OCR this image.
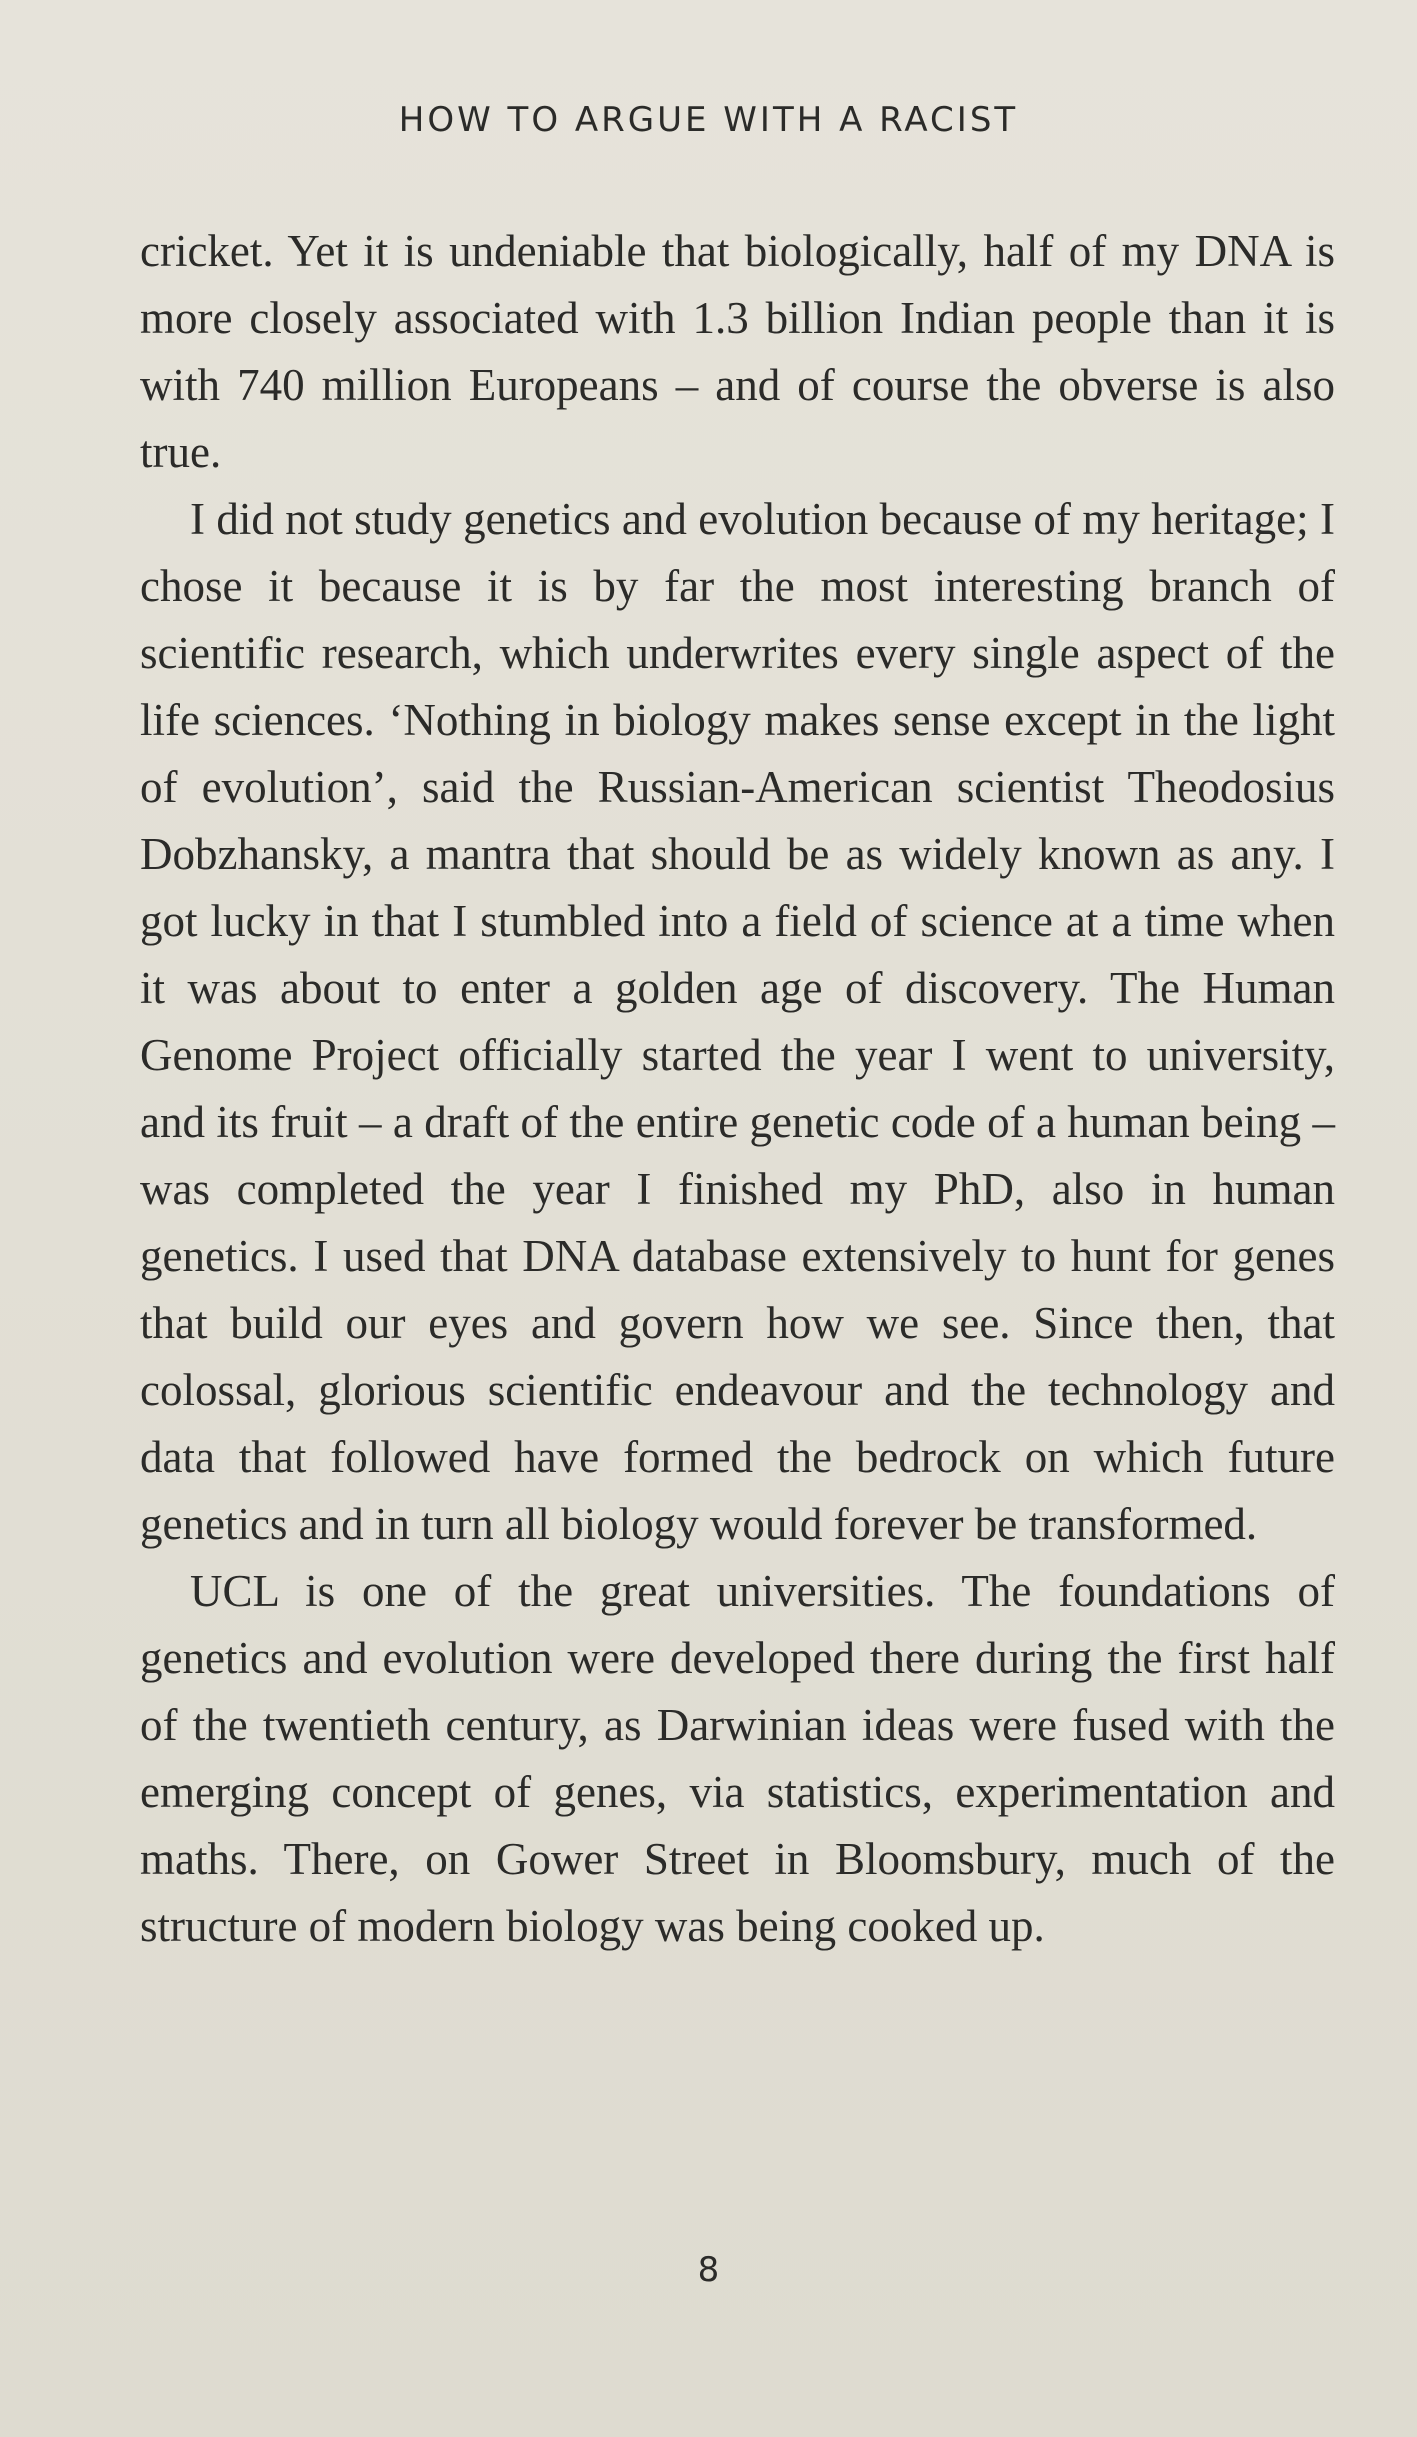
HOW TO ARGUE WITH A RACIST

cricket. Yet it is undeniable that biologically, half of my DNA is more closely associated with 1.3 billion Indian people than it is with 740 million Europeans – and of course the obverse is also true.

I did not study genetics and evolution because of my heritage; I chose it because it is by far the most interesting branch of scientific research, which underwrites every single aspect of the life sciences. ‘Nothing in biology makes sense except in the light of evolution’, said the Russian-American scientist Theodosius Dobzhansky, a mantra that should be as widely known as any. I got lucky in that I stumbled into a field of science at a time when it was about to enter a golden age of discovery. The Human Genome Project officially started the year I went to university, and its fruit – a draft of the entire genetic code of a human being – was completed the year I finished my PhD, also in human genetics. I used that DNA database extensively to hunt for genes that build our eyes and govern how we see. Since then, that colossal, glorious scientific endeavour and the technology and data that followed have formed the bedrock on which future genetics and in turn all biology would forever be transformed.

UCL is one of the great universities. The foundations of genetics and evolution were developed there during the first half of the twentieth century, as Darwinian ideas were fused with the emerging concept of genes, via statistics, experimentation and maths. There, on Gower Street in Bloomsbury, much of the structure of modern biology was being cooked up.

8
